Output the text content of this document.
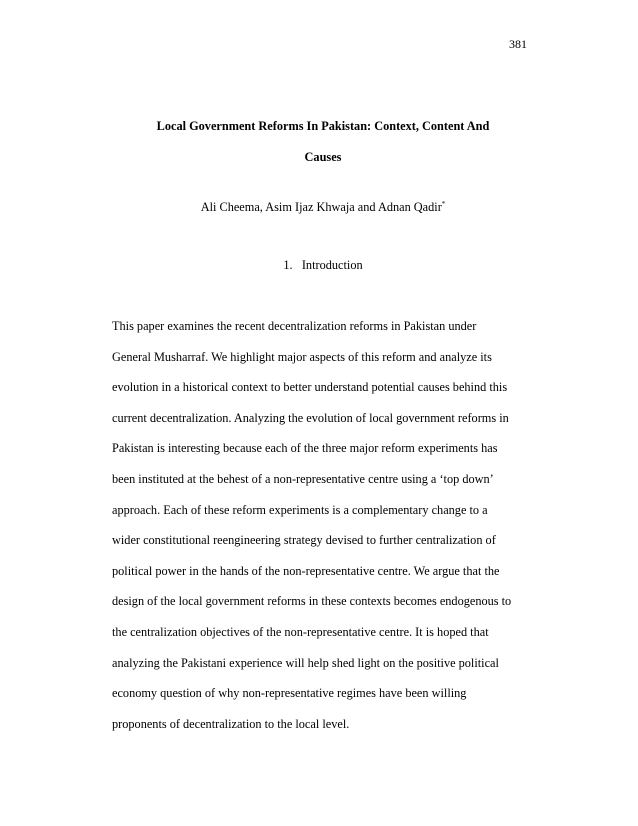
381
Local Government Reforms In Pakistan: Context, Content And
Causes
Ali Cheema, Asim Ijaz Khwaja and Adnan Qadir*
1. Introduction

This paper examines the recent decentralization reforms in Pakistan under
General Musharraf. We highlight major aspects of this reform and analyze its
evolution in a historical context to better understand potential causes behind this
current decentralization. Analyzing the evolution of local government reforms in
Pakistan is interesting because each of the three major reform experiments has
been instituted at the behest of a non-representative centre using a ‘top down’
approach. Each of these reform experiments is a complementary change to a
wider constitutional reengineering strategy devised to further centralization of
political power in the hands of the non-representative centre. We argue that the
design of the local government reforms in these contexts becomes endogenous to
the centralization objectives of the non-representative centre. It is hoped that
analyzing the Pakistani experience will help shed light on the positive political
economy question of why non-representative regimes have been willing
proponents of decentralization to the local level.
